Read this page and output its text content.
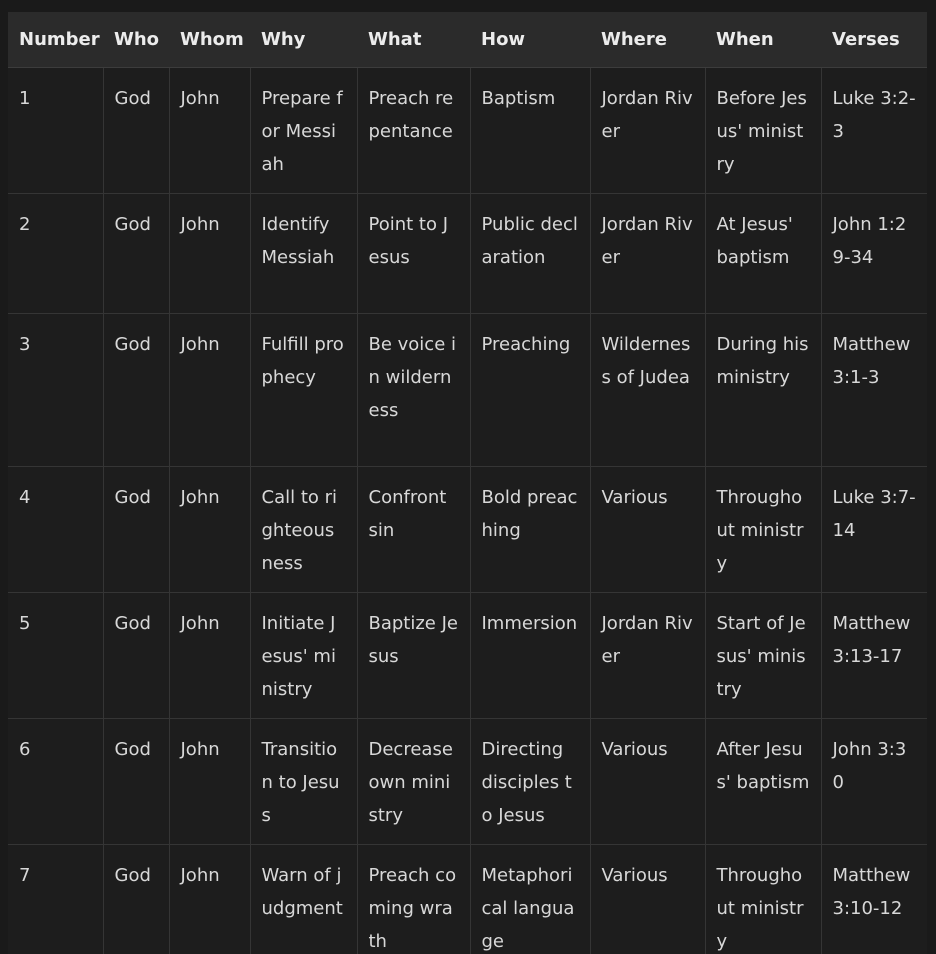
Number	Who	Whom	Why	What	How	Where	When	Verses
1	God	John	Prepare for Messiah	Preach repentance	Baptism	Jordan River	Before Jesus' ministry	Luke 3:2-3
2	God	John	Identify Messiah	Point to Jesus	Public declaration	Jordan River	At Jesus' baptism	John 1:29-34
3	God	John	Fulfill prophecy	Be voice in wilderness	Preaching	Wilderness of Judea	During his ministry	Matthew 3:1-3
4	God	John	Call to righteousness	Confront sin	Bold preaching	Various	Throughout ministry	Luke 3:7-14
5	God	John	Initiate Jesus' ministry	Baptize Jesus	Immersion	Jordan River	Start of Jesus' ministry	Matthew 3:13-17
6	God	John	Transition to Jesus	Decrease own ministry	Directing disciples to Jesus	Various	After Jesus' baptism	John 3:30
7	God	John	Warn of judgment	Preach coming wrath	Metaphorical language	Various	Throughout ministry	Matthew 3:10-12
